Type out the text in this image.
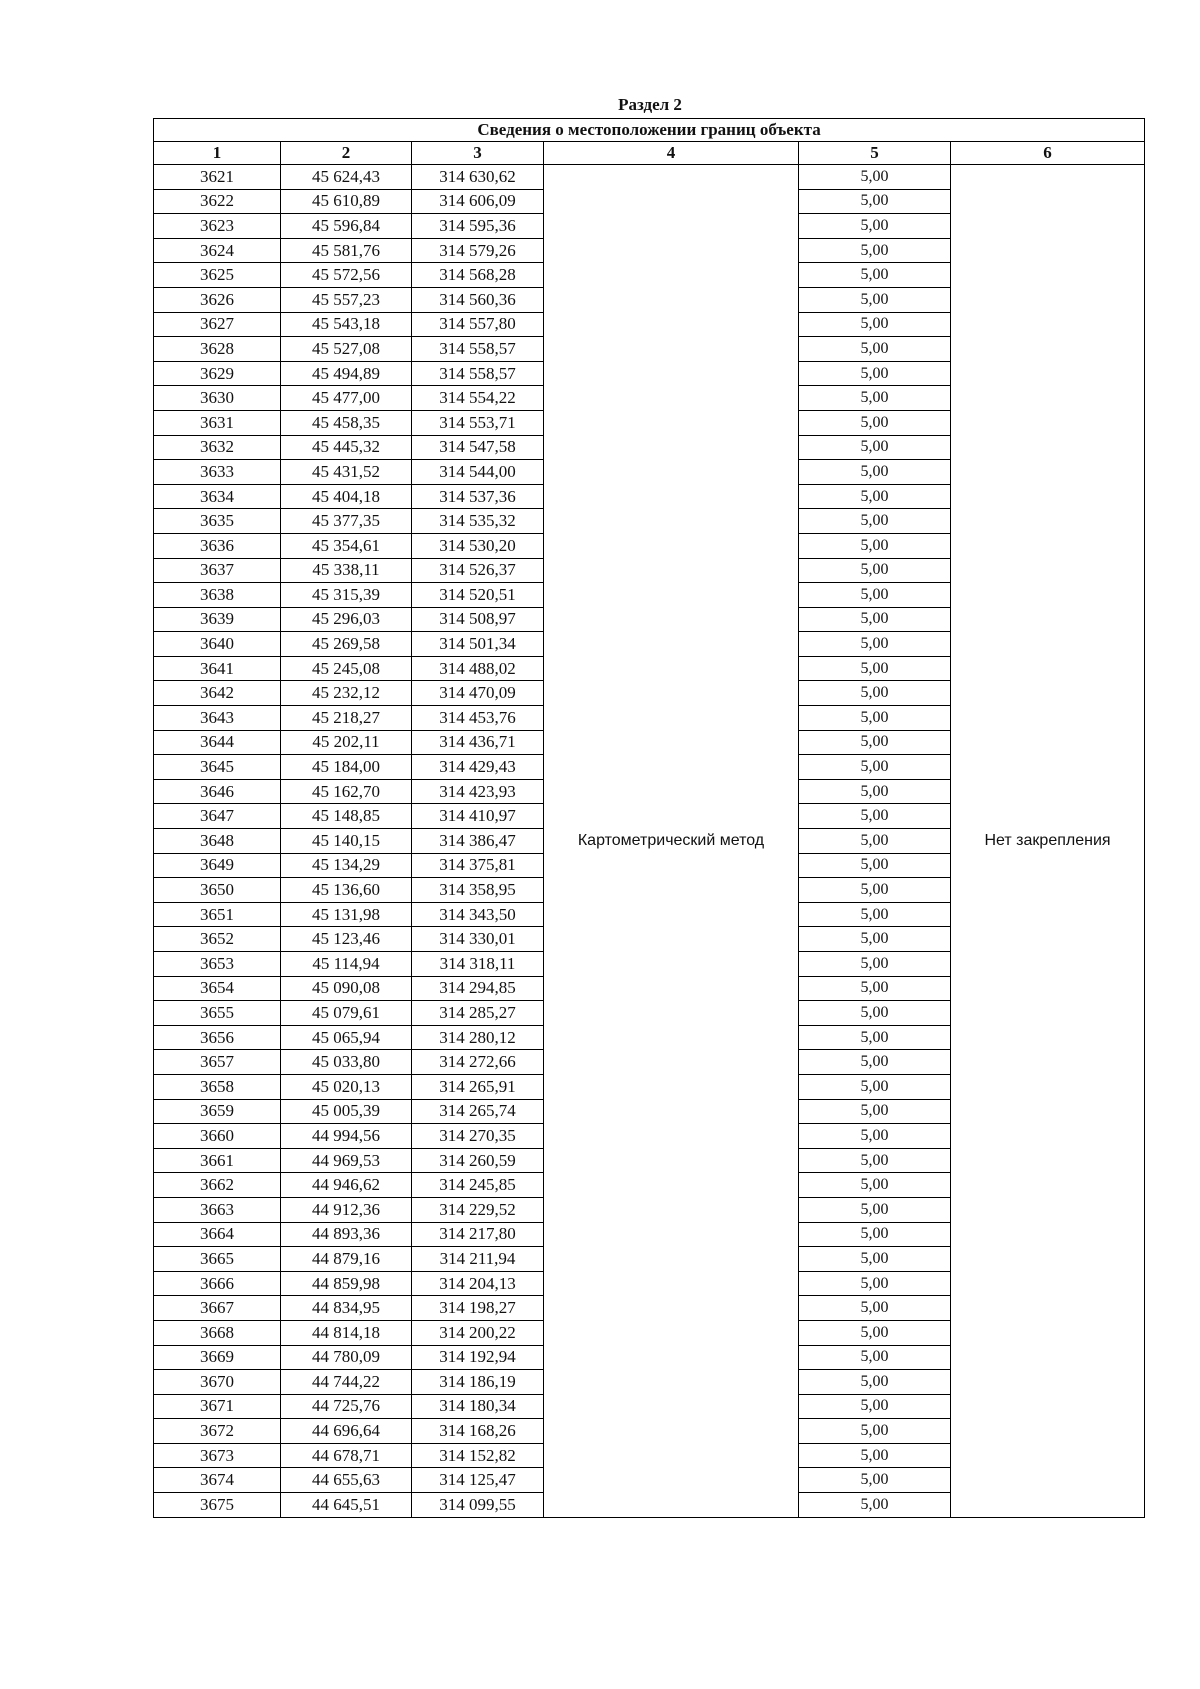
Раздел 2
Сведения о местоположении границ объекта					
1	2	3	4	5	6
3621	45 624,43	314 630,62	Картометрический метод	5,00	Нет закрепления
3622	45 610,89	314 606,09		5,00	
3623	45 596,84	314 595,36		5,00	
3624	45 581,76	314 579,26		5,00	
3625	45 572,56	314 568,28		5,00	
3626	45 557,23	314 560,36		5,00	
3627	45 543,18	314 557,80		5,00	
3628	45 527,08	314 558,57		5,00	
3629	45 494,89	314 558,57		5,00	
3630	45 477,00	314 554,22		5,00	
3631	45 458,35	314 553,71		5,00	
3632	45 445,32	314 547,58		5,00	
3633	45 431,52	314 544,00		5,00	
3634	45 404,18	314 537,36		5,00	
3635	45 377,35	314 535,32		5,00	
3636	45 354,61	314 530,20		5,00	
3637	45 338,11	314 526,37		5,00	
3638	45 315,39	314 520,51		5,00	
3639	45 296,03	314 508,97		5,00	
3640	45 269,58	314 501,34		5,00	
3641	45 245,08	314 488,02		5,00	
3642	45 232,12	314 470,09		5,00	
3643	45 218,27	314 453,76		5,00	
3644	45 202,11	314 436,71		5,00	
3645	45 184,00	314 429,43		5,00	
3646	45 162,70	314 423,93		5,00	
3647	45 148,85	314 410,97		5,00	
3648	45 140,15	314 386,47		5,00	
3649	45 134,29	314 375,81		5,00	
3650	45 136,60	314 358,95		5,00	
3651	45 131,98	314 343,50		5,00	
3652	45 123,46	314 330,01		5,00	
3653	45 114,94	314 318,11		5,00	
3654	45 090,08	314 294,85		5,00	
3655	45 079,61	314 285,27		5,00	
3656	45 065,94	314 280,12		5,00	
3657	45 033,80	314 272,66		5,00	
3658	45 020,13	314 265,91		5,00	
3659	45 005,39	314 265,74		5,00	
3660	44 994,56	314 270,35		5,00	
3661	44 969,53	314 260,59		5,00	
3662	44 946,62	314 245,85		5,00	
3663	44 912,36	314 229,52		5,00	
3664	44 893,36	314 217,80		5,00	
3665	44 879,16	314 211,94		5,00	
3666	44 859,98	314 204,13		5,00	
3667	44 834,95	314 198,27		5,00	
3668	44 814,18	314 200,22		5,00	
3669	44 780,09	314 192,94		5,00	
3670	44 744,22	314 186,19		5,00	
3671	44 725,76	314 180,34		5,00	
3672	44 696,64	314 168,26		5,00	
3673	44 678,71	314 152,82		5,00	
3674	44 655,63	314 125,47		5,00	
3675	44 645,51	314 099,55		5,00	
